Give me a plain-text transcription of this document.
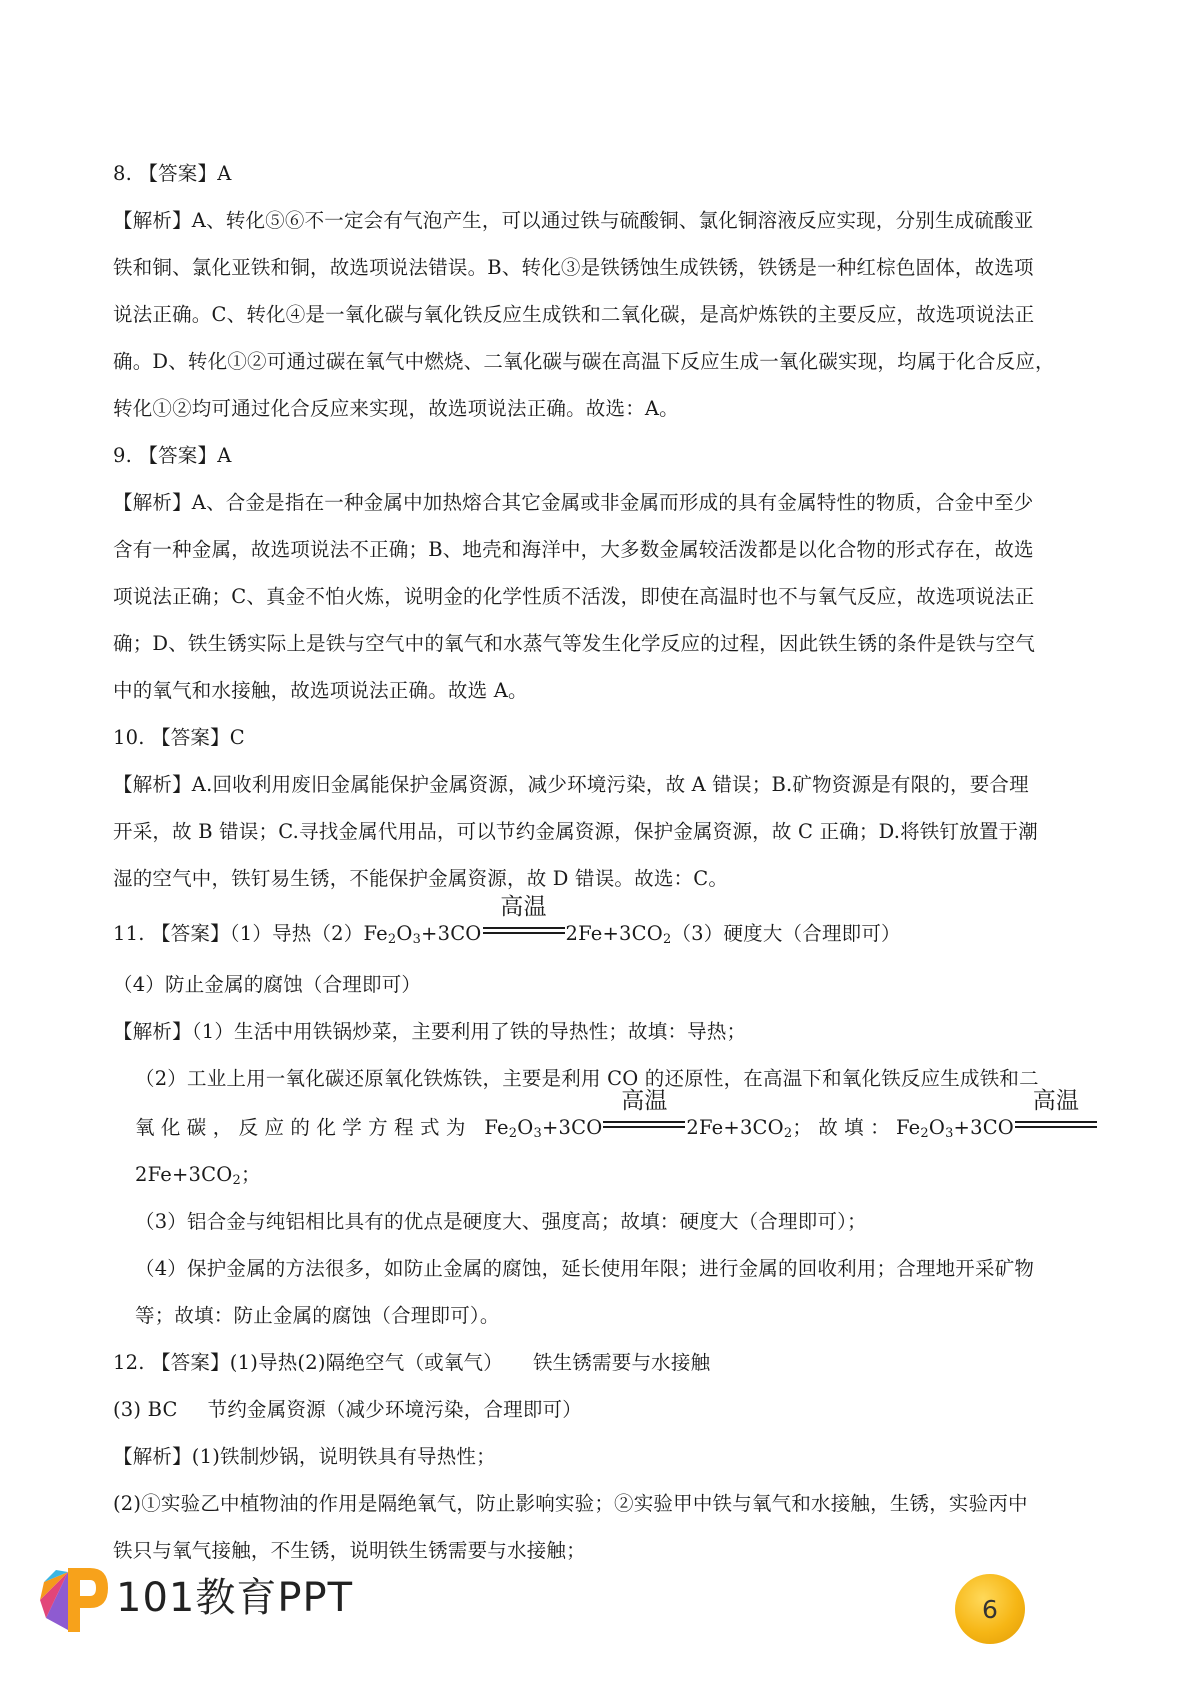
8. 【答案】A

【解析】A、转化⑤⑥不一定会有气泡产生，可以通过铁与硫酸铜、氯化铜溶液反应实现，分别生成硫酸亚

铁和铜、氯化亚铁和铜，故选项说法错误。B、转化③是铁锈蚀生成铁锈，铁锈是一种红棕色固体，故选项

说法正确。C、转化④是一氧化碳与氧化铁反应生成铁和二氧化碳，是高炉炼铁的主要反应，故选项说法正

确。D、转化①②可通过碳在氧气中燃烧、二氧化碳与碳在高温下反应生成一氧化碳实现，均属于化合反应，

转化①②均可通过化合反应来实现，故选项说法正确。故选：A。

9. 【答案】A

【解析】A、合金是指在一种金属中加热熔合其它金属或非金属而形成的具有金属特性的物质，合金中至少

含有一种金属，故选项说法不正确；B、地壳和海洋中，大多数金属较活泼都是以化合物的形式存在，故选

项说法正确；C、真金不怕火炼，说明金的化学性质不活泼，即使在高温时也不与氧气反应，故选项说法正

确；D、铁生锈实际上是铁与空气中的氧气和水蒸气等发生化学反应的过程，因此铁生锈的条件是铁与空气

中的氧气和水接触，故选项说法正确。故选 A。

10. 【答案】C

【解析】A.回收利用废旧金属能保护金属资源，减少环境污染，故 A 错误；B.矿物资源是有限的，要合理

开采，故 B 错误；C.寻找金属代用品，可以节约金属资源，保护金属资源，故 C 正确；D.将铁钉放置于潮

湿的空气中，铁钉易生锈，不能保护金属资源，故 D 错误。故选：C。

11. 【答案】（1）导热$(2)Fe_2O_3+3CO$
高温
$2Fe+3CO_2(3)$硬度大（合理即可）

（4）防止金属的腐蚀（合理即可）

【解析】（1）生活中用铁锅炒菜，主要利用了铁的导热性；故填：导热；

（2）工业上用一氧化碳还原氧化铁炼铁，主要是利用 CO 的还原性，在高温下和氧化铁反应生成铁和二

氧化碳，反应的化学方程式为 $Fe_2O_3+3CO$
高温
$2Fe+3CO_2$；故填：$Fe_2O_3+3CO$
高温
$2Fe+3CO_2$；

（3）铝合金与纯铝相比具有的优点是硬度大、强度高；故填：硬度大（合理即可）；

（4）保护金属的方法很多，如防止金属的腐蚀，延长使用年限；进行金属的回收利用；合理地开采矿物

等；故填：防止金属的腐蚀（合理即可）。

12. 【答案】(1)导热(2)隔绝空气（或氧气） 铁生锈需要与水接触

(3) BC 节约金属资源（减少环境污染，合理即可）

【解析】(1)铁制炒锅，说明铁具有导热性；

(2)①实验乙中植物油的作用是隔绝氧气，防止影响实验；②实验甲中铁与氧气和水接触，生锈，实验丙中

铁只与氧气接触，不生锈，说明铁生锈需要与水接触；

101教育PPT	6
